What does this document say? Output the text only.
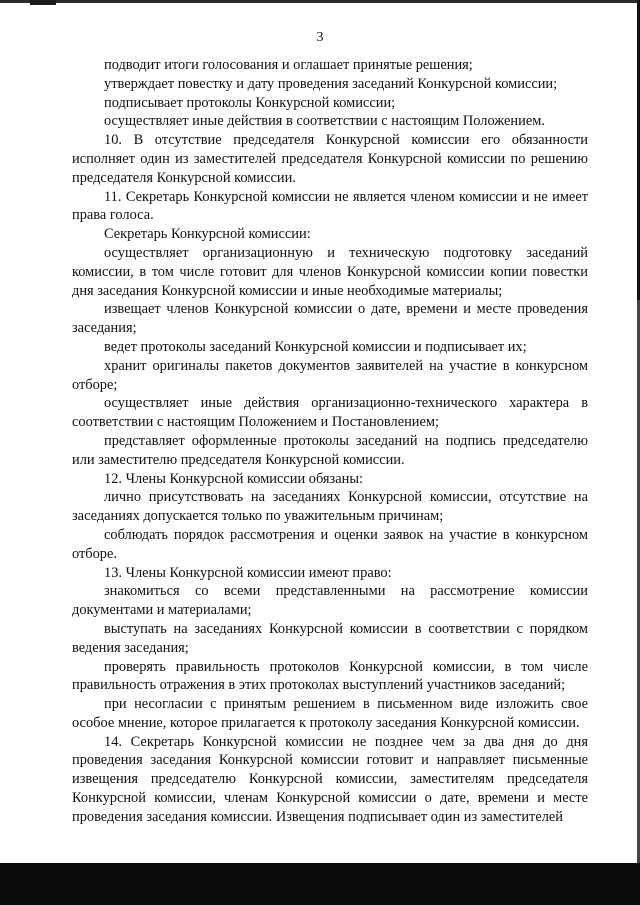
3

подводит итоги голосования и оглашает принятые решения;

утверждает повестку и дату проведения заседаний Конкурсной комиссии;

подписывает протоколы Конкурсной комиссии;

осуществляет иные действия в соответствии с настоящим Положением.

10. В отсутствие председателя Конкурсной комиссии его обязанности исполняет один из заместителей председателя Конкурсной комиссии по решению председателя Конкурсной комиссии.

11. Секретарь Конкурсной комиссии не является членом комиссии и не имеет права голоса.

Секретарь Конкурсной комиссии:

осуществляет организационную и техническую подготовку заседаний комиссии, в том числе готовит для членов Конкурсной комиссии копии повестки дня заседания Конкурсной комиссии и иные необходимые материалы;

извещает членов Конкурсной комиссии о дате, времени и месте проведения заседания;

ведет протоколы заседаний Конкурсной комиссии и подписывает их;

хранит оригиналы пакетов документов заявителей на участие в конкурсном отборе;

осуществляет иные действия организационно-технического характера в соответствии с настоящим Положением и Постановлением;

представляет оформленные протоколы заседаний на подпись председателю или заместителю председателя Конкурсной комиссии.

12. Члены Конкурсной комиссии обязаны:

лично присутствовать на заседаниях Конкурсной комиссии, отсутствие на заседаниях допускается только по уважительным причинам;

соблюдать порядок рассмотрения и оценки заявок на участие в конкурсном отборе.

13. Члены Конкурсной комиссии имеют право:

знакомиться со всеми представленными на рассмотрение комиссии документами и материалами;

выступать на заседаниях Конкурсной комиссии в соответствии с порядком ведения заседания;

проверять правильность протоколов Конкурсной комиссии, в том числе правильность отражения в этих протоколах выступлений участников заседаний;

при несогласии с принятым решением в письменном виде изложить свое особое мнение, которое прилагается к протоколу заседания Конкурсной комиссии.

14. Секретарь Конкурсной комиссии не позднее чем за два дня до дня проведения заседания Конкурсной комиссии готовит и направляет письменные извещения председателю Конкурсной комиссии, заместителям председателя Конкурсной комиссии, членам Конкурсной комиссии о дате, времени и месте проведения заседания комиссии. Извещения подписывает один из заместителей
